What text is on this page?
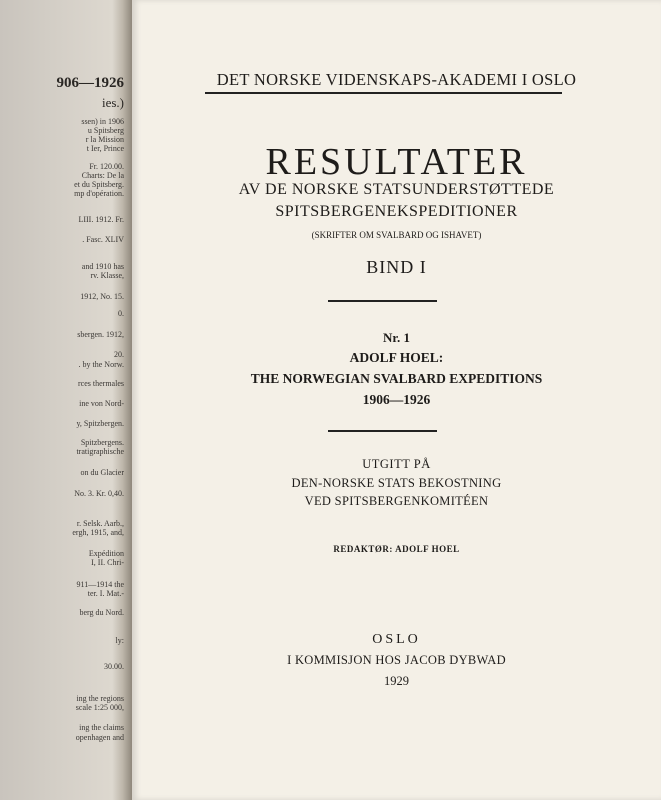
906—1926
ies.)
ssen) in 1906
u Spitsberg
r la Mission
t Ier, Prince
Fr. 120.00.
Charts: De la
et du Spitsberg.
mp d'opération.
LIII. 1912. Fr.
. Fasc. XLIV
and 1910 has
rv. Klasse,
1912, No. 15.
0.
sbergen. 1912,
20.
. by the Norw.
rces thermales
ine von Nord-
y, Spitzbergen.
Spitzbergens.
tratigraphische
on du Glacier
No. 3. Kr. 0,40.
r. Selsk. Aarb.,
ergh, 1915, and,
Expédition
I, II. Chri-
911—1914 the
ter. I. Mat.-
berg du Nord.
ly:
30.00.
ing the regions
scale 1:25 000,
ing the claims
openhagen and
DET NORSKE VIDENSKAPS-AKADEMI I OSLO
RESULTATER
AV DE NORSKE STATSUNDERSTØTTEDE
SPITSBERGENEKSPEDITIONER
(SKRIFTER OM SVALBARD OG ISHAVET)
BIND I
Nr. 1
ADOLF HOEL:
THE NORWEGIAN SVALBARD EXPEDITIONS
1906—1926
UTGITT PÅ
DEN-NORSKE STATS BEKOSTNING
VED SPITSBERGENKOMITÉEN
REDAKTØR: ADOLF HOEL
OSLO
I KOMMISJON HOS JACOB DYBWAD
1929
